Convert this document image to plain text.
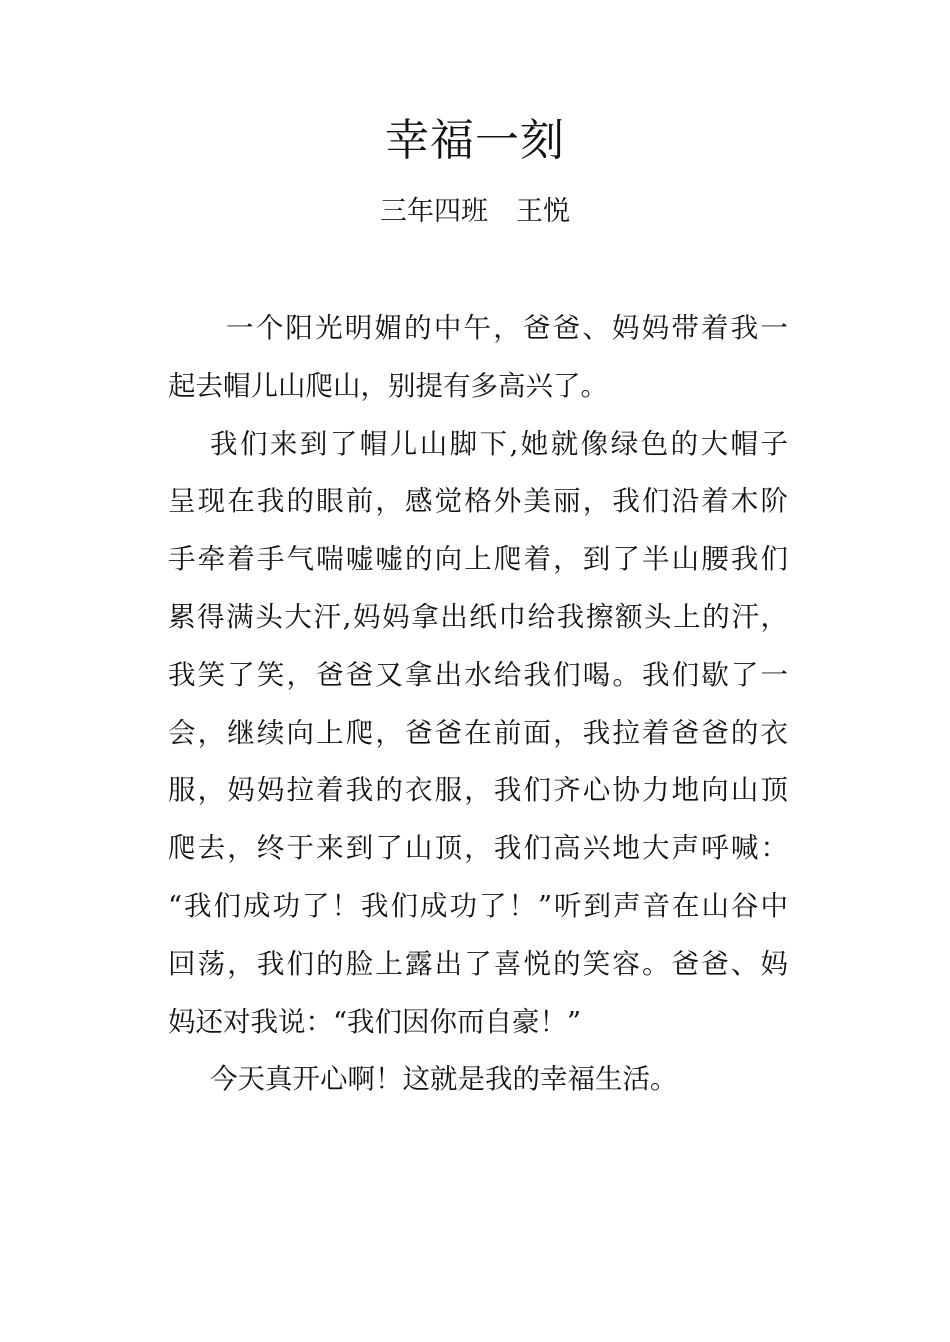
幸福一刻
三年四班 王悦
一个阳光明媚的中午，爸爸、妈妈带着我一
起去帽儿山爬山，别提有多高兴了。
我们来到了帽儿山脚下,她就像绿色的大帽子
呈现在我的眼前，感觉格外美丽，我们沿着木阶
手牵着手气喘嘘嘘的向上爬着，到了半山腰我们
累得满头大汗,妈妈拿出纸巾给我擦额头上的汗，
我笑了笑，爸爸又拿出水给我们喝。我们歇了一
会，继续向上爬，爸爸在前面，我拉着爸爸的衣
服，妈妈拉着我的衣服，我们齐心协力地向山顶
爬去，终于来到了山顶，我们高兴地大声呼喊：
“我们成功了！我们成功了！”听到声音在山谷中
回荡，我们的脸上露出了喜悦的笑容。爸爸、妈
妈还对我说：“我们因你而自豪！”
今天真开心啊！这就是我的幸福生活。
